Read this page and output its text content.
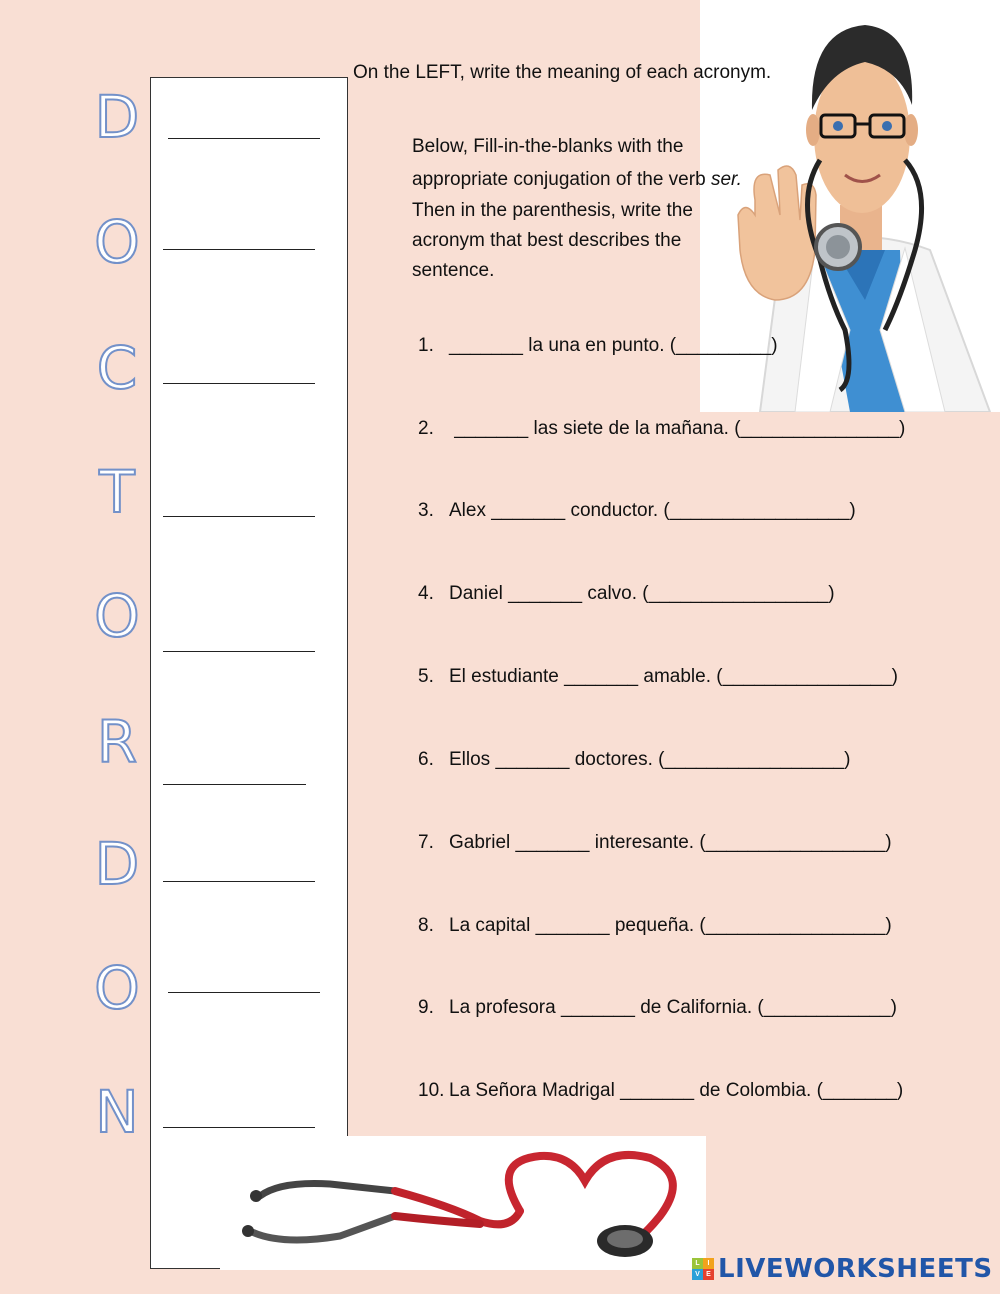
D
O
C
T
O
R
D
O
N
On the LEFT, write the meaning of each acronym.
Below, Fill-in-the-blanks with the
appropriate conjugation of the verb ser.
Then in the parenthesis, write the
acronym that best describes the
sentence.
1. _______ la una en punto. (_________)
2. _______ las siete de la mañana. (_______________)
3. Alex _______ conductor. (_________________)
4. Daniel _______ calvo. (_________________)
5. El estudiante _______ amable. (________________)
6. Ellos _______ doctores. (_________________)
7. Gabriel _______ interesante. (_________________)
8. La capital _______ pequeña. (_________________)
9. La profesora _______ de California. (____________)
10. La Señora Madrigal _______ de Colombia. (_______)
L	I
V E LIVEWORKSHEETS
